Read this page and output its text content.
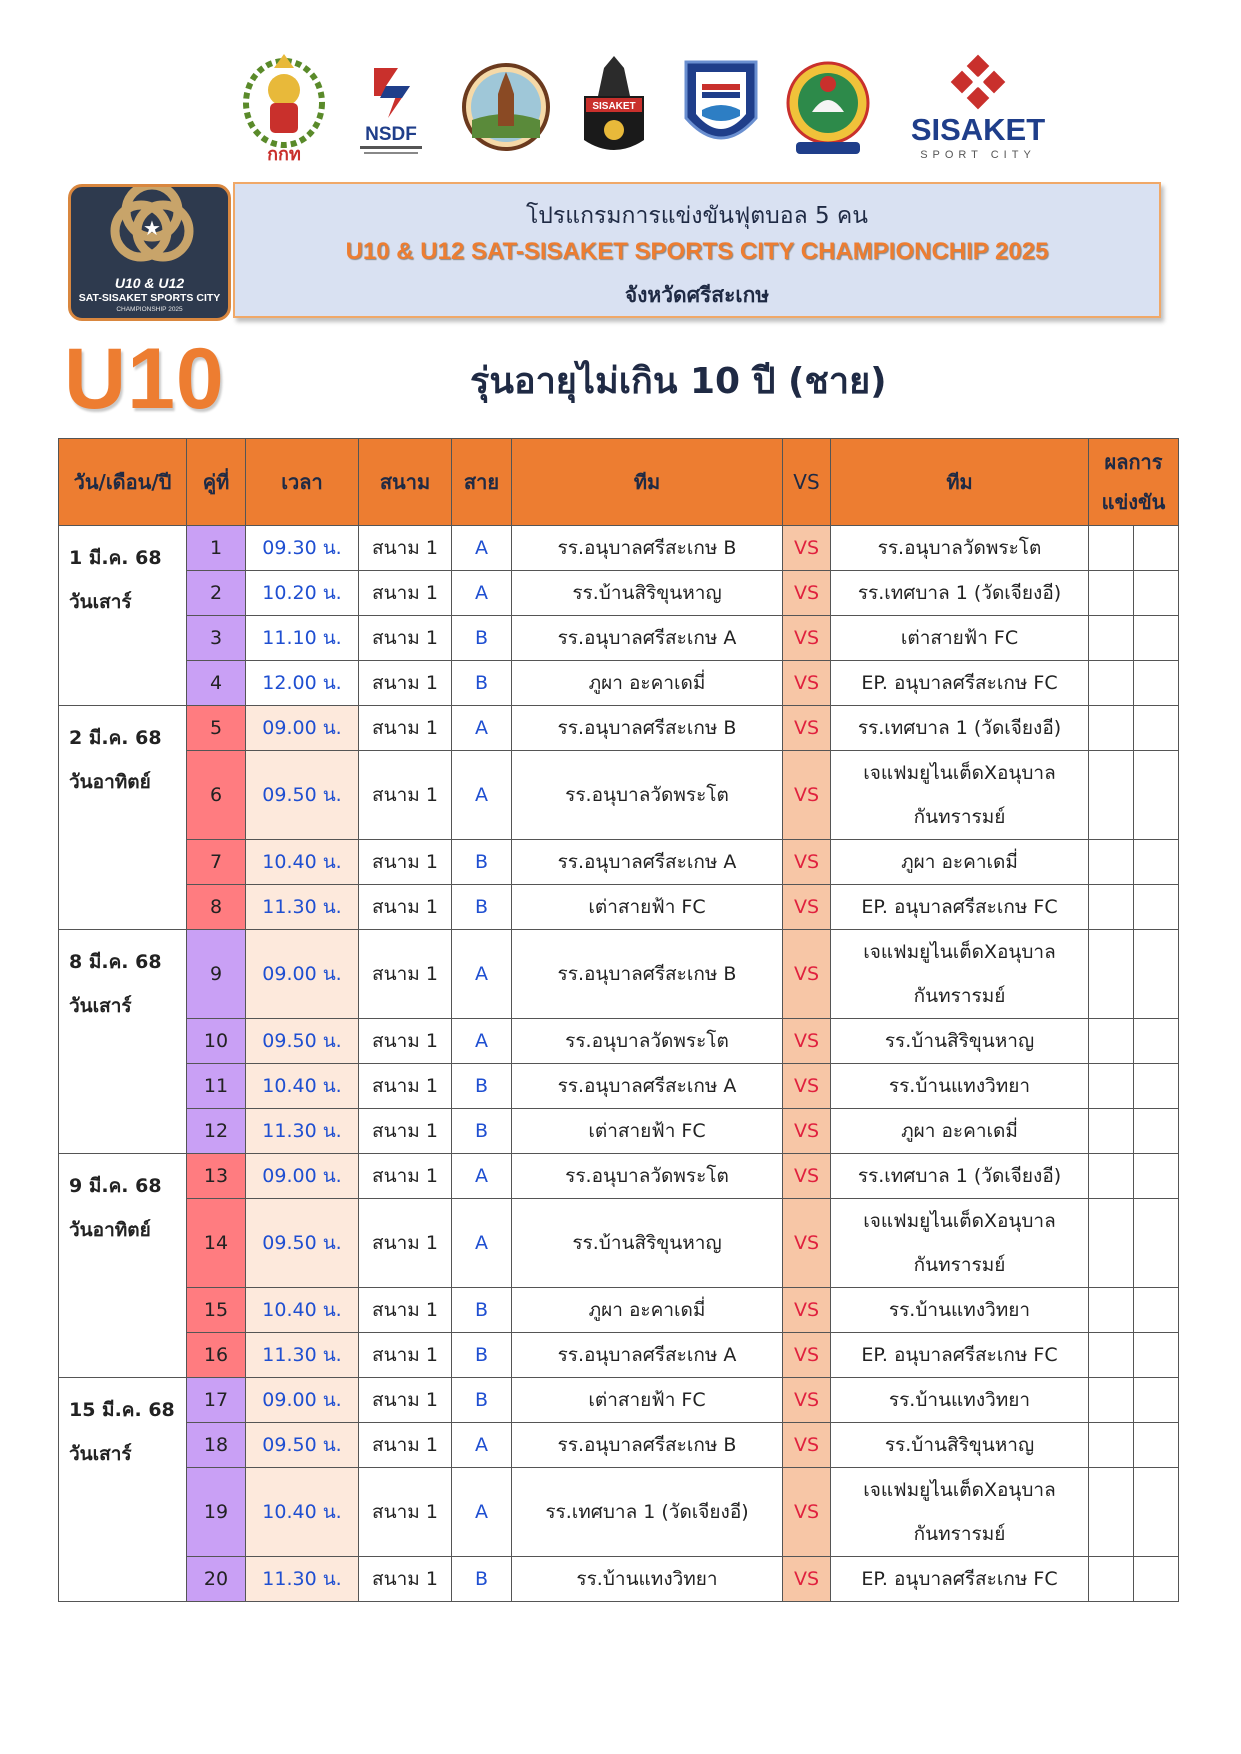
กกท
NSDF
SISAKET
SISAKET
SPORT CITY
★
U10 & U12
SAT-SISAKET SPORTS CITY
CHAMPIONSHIP 2025
โปรแกรมการแข่งขันฟุตบอล 5 คน
U10 & U12 SAT-SISAKET SPORTS CITY CHAMPIONCHIP 2025
จังหวัดศรีสะเกษ
U10	รุ่นอายุไม่เกิน 10 ปี (ชาย)
วัน/เดือน/ปี	คู่ที่	เวลา	สนาม	สาย	ทีม	VS	ทีม	ผลการ
แข่งขัน	
1 มี.ค. 68
วันเสาร์	1	09.30 น.	สนาม 1	A	รร.อนุบาลศรีสะเกษ B	VS	รร.อนุบาลวัดพระโต		
	2	10.20 น.	สนาม 1	A	รร.บ้านสิริขุนหาญ	VS	รร.เทศบาล 1 (วัดเจียงอี)		
	3	11.10 น.	สนาม 1	B	รร.อนุบาลศรีสะเกษ A	VS	เต่าสายฟ้า FC		
	4	12.00 น.	สนาม 1	B	ภูผา อะคาเดมี่	VS	EP. อนุบาลศรีสะเกษ FC		
2 มี.ค. 68
วันอาทิตย์	5	09.00 น.	สนาม 1	A	รร.อนุบาลศรีสะเกษ B	VS	รร.เทศบาล 1 (วัดเจียงอี)		
	6	09.50 น.	สนาม 1	A	รร.อนุบาลวัดพระโต	VS	เจแฟมยูไนเต็ดXอนุบาล
กันทรารมย์		
	7	10.40 น.	สนาม 1	B	รร.อนุบาลศรีสะเกษ A	VS	ภูผา อะคาเดมี่		
	8	11.30 น.	สนาม 1	B	เต่าสายฟ้า FC	VS	EP. อนุบาลศรีสะเกษ FC		
8 มี.ค. 68
วันเสาร์	9	09.00 น.	สนาม 1	A	รร.อนุบาลศรีสะเกษ B	VS	เจแฟมยูไนเต็ดXอนุบาล
กันทรารมย์		
	10	09.50 น.	สนาม 1	A	รร.อนุบาลวัดพระโต	VS	รร.บ้านสิริขุนหาญ		
	11	10.40 น.	สนาม 1	B	รร.อนุบาลศรีสะเกษ A	VS	รร.บ้านแทงวิทยา		
	12	11.30 น.	สนาม 1	B	เต่าสายฟ้า FC	VS	ภูผา อะคาเดมี่		
9 มี.ค. 68
วันอาทิตย์	13	09.00 น.	สนาม 1	A	รร.อนุบาลวัดพระโต	VS	รร.เทศบาล 1 (วัดเจียงอี)		
	14	09.50 น.	สนาม 1	A	รร.บ้านสิริขุนหาญ	VS	เจแฟมยูไนเต็ดXอนุบาล
กันทรารมย์		
	15	10.40 น.	สนาม 1	B	ภูผา อะคาเดมี่	VS	รร.บ้านแทงวิทยา		
	16	11.30 น.	สนาม 1	B	รร.อนุบาลศรีสะเกษ A	VS	EP. อนุบาลศรีสะเกษ FC		
15 มี.ค. 68
วันเสาร์	17	09.00 น.	สนาม 1	B	เต่าสายฟ้า FC	VS	รร.บ้านแทงวิทยา		
	18	09.50 น.	สนาม 1	A	รร.อนุบาลศรีสะเกษ B	VS	รร.บ้านสิริขุนหาญ		
	19	10.40 น.	สนาม 1	A	รร.เทศบาล 1 (วัดเจียงอี)	VS	เจแฟมยูไนเต็ดXอนุบาล
กันทรารมย์		
	20	11.30 น.	สนาม 1	B	รร.บ้านแทงวิทยา	VS	EP. อนุบาลศรีสะเกษ FC		
